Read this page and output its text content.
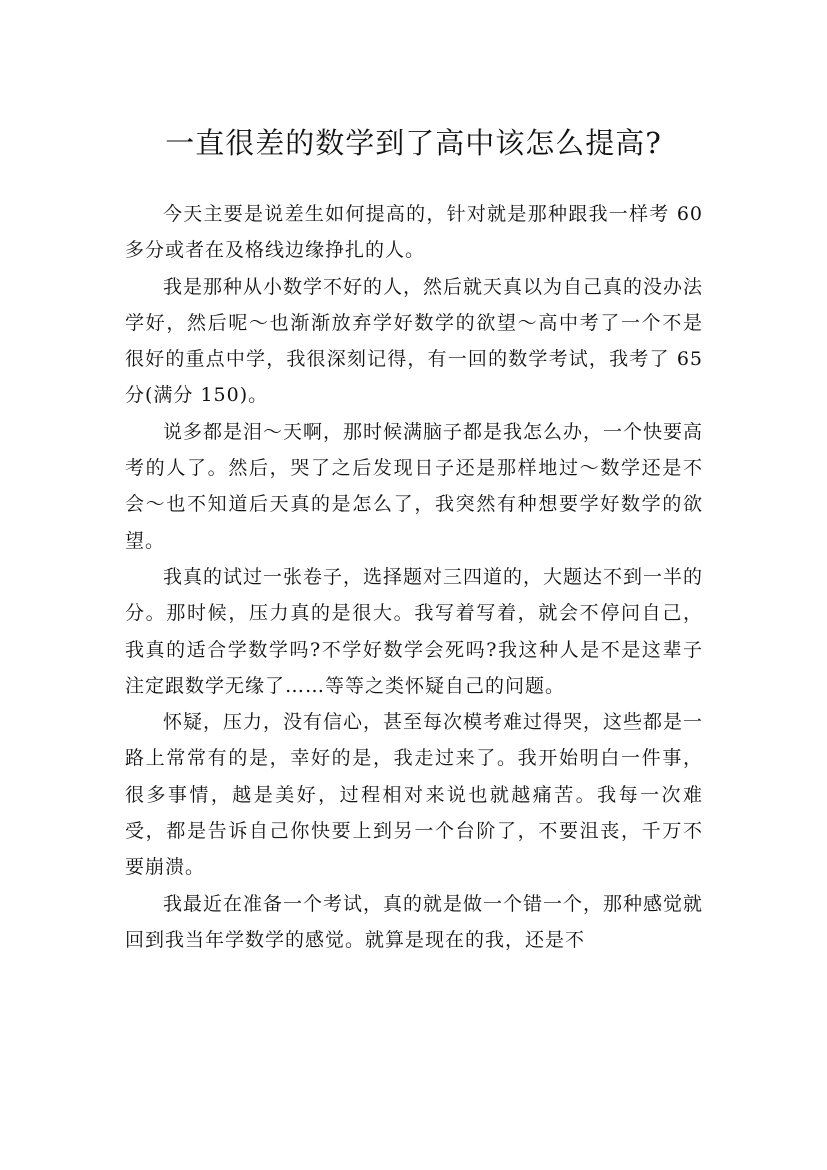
一直很差的数学到了高中该怎么提高?

今天主要是说差生如何提高的，针对就是那种跟我一样考 60 多分或者在及格线边缘挣扎的人。

我是那种从小数学不好的人，然后就天真以为自己真的没办法学好，然后呢～也渐渐放弃学好数学的欲望～高中考了一个不是很好的重点中学，我很深刻记得，有一回的数学考试，我考了 65 分(满分 150)。

说多都是泪～天啊，那时候满脑子都是我怎么办，一个快要高考的人了。然后，哭了之后发现日子还是那样地过～数学还是不会～也不知道后天真的是怎么了，我突然有种想要学好数学的欲望。

我真的试过一张卷子，选择题对三四道的，大题达不到一半的分。那时候，压力真的是很大。我写着写着，就会不停问自己，我真的适合学数学吗?不学好数学会死吗?我这种人是不是这辈子注定跟数学无缘了……等等之类怀疑自己的问题。

怀疑，压力，没有信心，甚至每次模考难过得哭，这些都是一路上常常有的是，幸好的是，我走过来了。我开始明白一件事，很多事情，越是美好，过程相对来说也就越痛苦。我每一次难受，都是告诉自己你快要上到另一个台阶了，不要沮丧，千万不要崩溃。

我最近在准备一个考试，真的就是做一个错一个，那种感觉就回到我当年学数学的感觉。就算是现在的我，还是不
